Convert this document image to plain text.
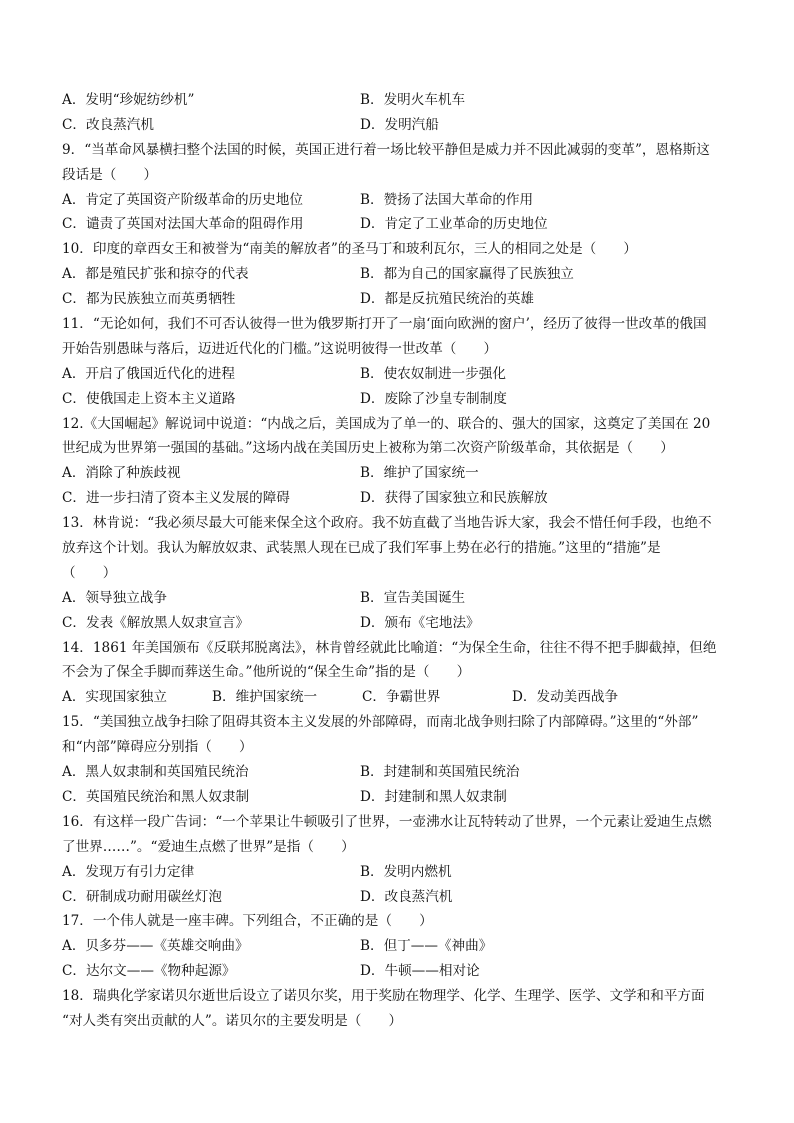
A．发明“珍妮纺纱机”	B．发明火车机车
C．改良蒸汽机	D．发明汽船
9．“当革命风暴横扫整个法国的时候，英国正进行着一场比较平静但是威力并不因此减弱的变革”，恩格斯这
段话是（　　）
A．肯定了英国资产阶级革命的历史地位	B．赞扬了法国大革命的作用
C．谴责了英国对法国大革命的阻碍作用	D．肯定了工业革命的历史地位
10．印度的章西女王和被誉为“南美的解放者”的圣马丁和玻利瓦尔，三人的相同之处是（　　）
A．都是殖民扩张和掠夺的代表	B．都为自己的国家赢得了民族独立
C．都为民族独立而英勇牺牲	D．都是反抗殖民统治的英雄
11．“无论如何，我们不可否认彼得一世为俄罗斯打开了一扇‘面向欧洲的窗户’，经历了彼得一世改革的俄国
开始告别愚昧与落后，迈进近代化的门槛。”这说明彼得一世改革（　　）
A．开启了俄国近代化的进程	B．使农奴制进一步强化
C．使俄国走上资本主义道路	D．废除了沙皇专制制度
12.《大国崛起》解说词中说道：“内战之后，美国成为了单一的、联合的、强大的国家，这奠定了美国在 20
世纪成为世界第一强国的基础。”这场内战在美国历史上被称为第二次资产阶级革命，其依据是（　　）
A．消除了种族歧视	B．维护了国家统一
C．进一步扫清了资本主义发展的障碍	D．获得了国家独立和民族解放
13．林肯说：“我必须尽最大可能来保全这个政府。我不妨直截了当地告诉大家，我会不惜任何手段，也绝不
放弃这个计划。我认为解放奴隶、武装黑人现在已成了我们军事上势在必行的措施。”这里的“措施”是
（　　）
A．领导独立战争	B．宣告美国诞生
C．发表《解放黑人奴隶宣言》	D．颁布《宅地法》
14．1861 年美国颁布《反联邦脱离法》，林肯曾经就此比喻道：“为保全生命，往往不得不把手脚截掉，但绝
不会为了保全手脚而葬送生命。”他所说的“保全生命”指的是（　　）
A．实现国家独立	B．维护国家统一	C．争霸世界	D．发动美西战争
15．“美国独立战争扫除了阻碍其资本主义发展的外部障碍，而南北战争则扫除了内部障碍。”这里的“外部”
和“内部”障碍应分别指（　　）
A．黑人奴隶制和英国殖民统治	B．封建制和英国殖民统治
C．英国殖民统治和黑人奴隶制	D．封建制和黑人奴隶制
16．有这样一段广告词：“一个苹果让牛顿吸引了世界，一壶沸水让瓦特转动了世界，一个元素让爱迪生点燃
了世界……”。“爱迪生点燃了世界”是指（　　）
A．发现万有引力定律	B．发明内燃机
C．研制成功耐用碳丝灯泡	D．改良蒸汽机
17．一个伟人就是一座丰碑。下列组合，不正确的是（　　）
A．贝多芬——《英雄交响曲》	B．但丁——《神曲》
C．达尔文——《物种起源》	D．牛顿——相对论
18．瑞典化学家诺贝尔逝世后设立了诺贝尔奖，用于奖励在物理学、化学、生理学、医学、文学和和平方面
“对人类有突出贡献的人”。诺贝尔的主要发明是（　　）
